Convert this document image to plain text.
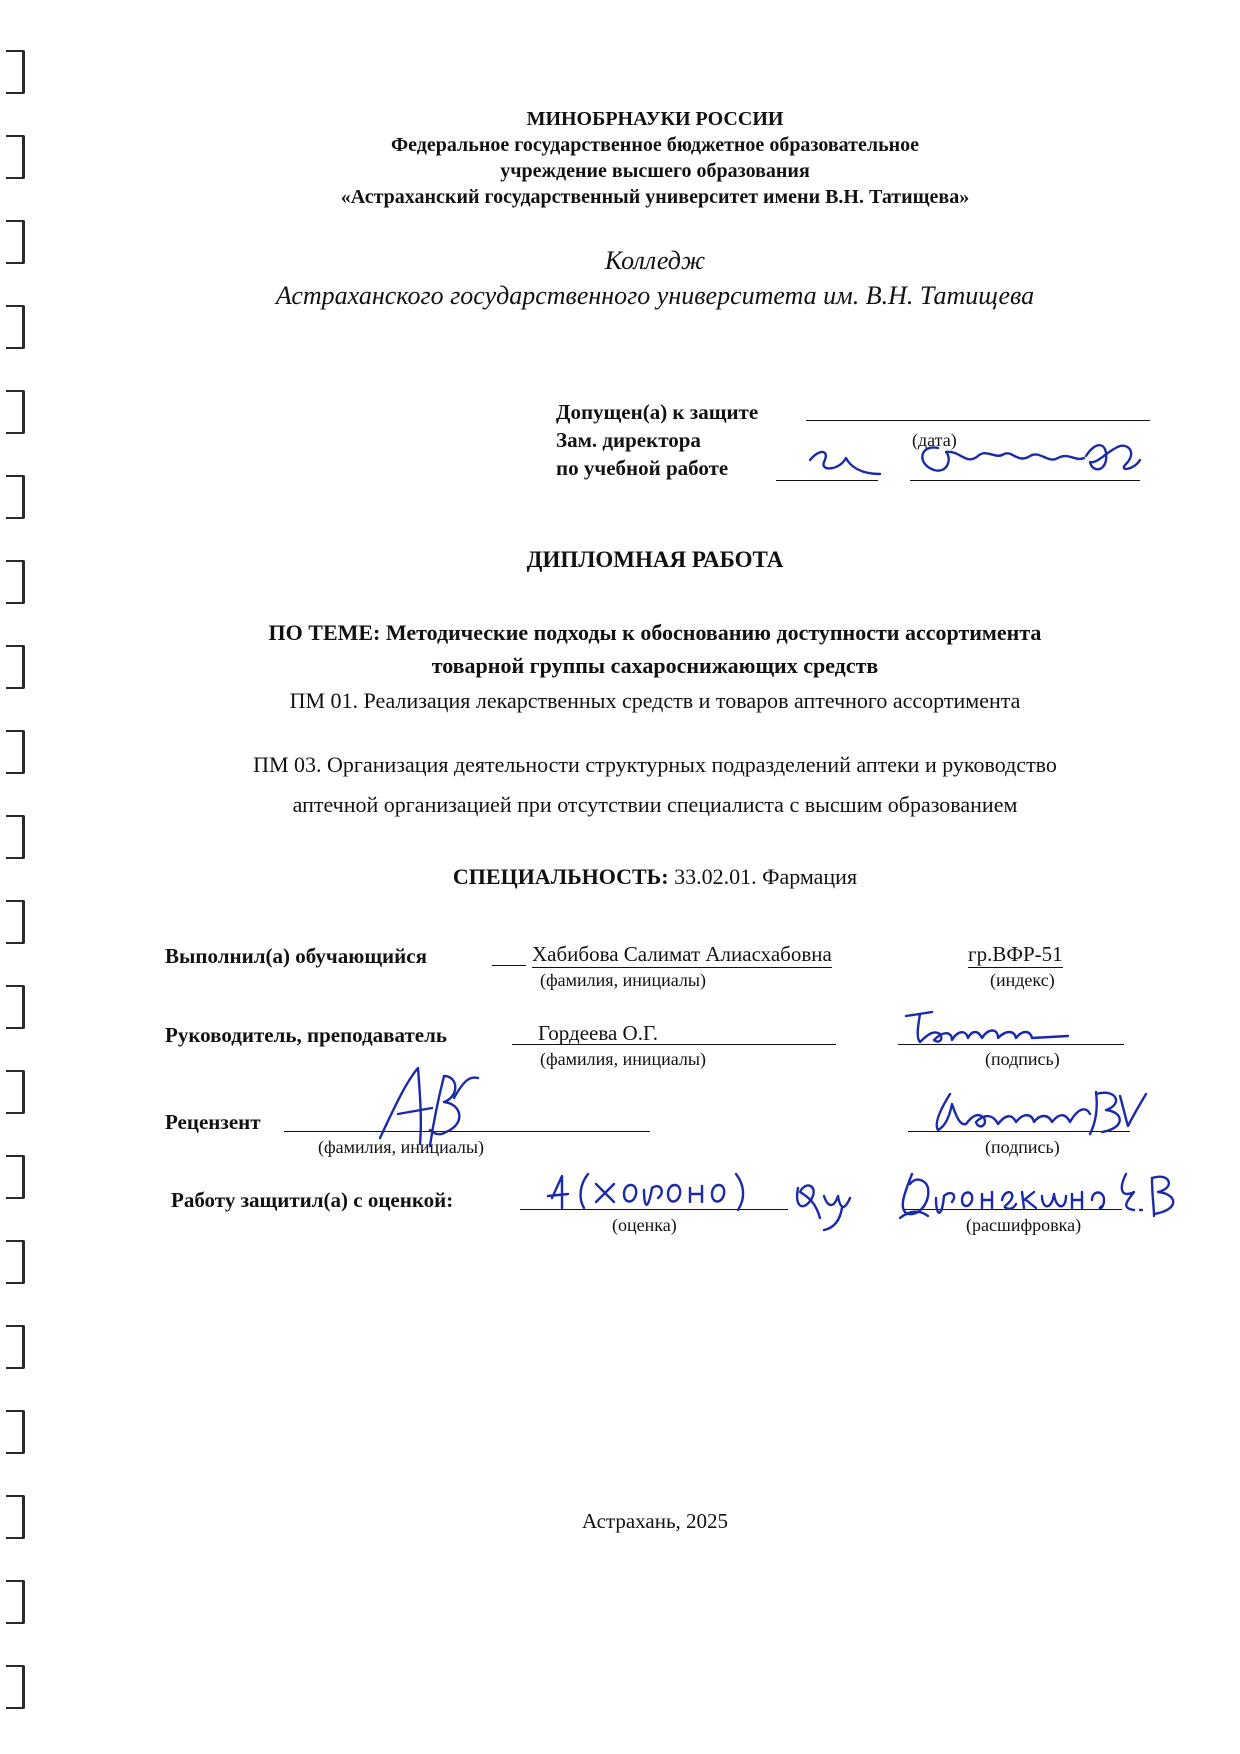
МИНОБРНАУКИ РОССИИ
Федеральное государственное бюджетное образовательное
учреждение высшего образования
«Астраханский государственный университет имени В.Н. Татищева»
Колледж
Астраханского государственного университета им. В.Н. Татищева
Допущен(а) к защите
Зам. директора	(дата)
по учебной работе
ДИПЛОМНАЯ РАБОТА
ПО ТЕМЕ: Методические подходы к обоснованию доступности ассортимента
товарной группы сахароснижающих средств
ПМ 01. Реализация лекарственных средств и товаров аптечного ассортимента
ПМ 03. Организация деятельности структурных подразделений аптеки и руководство
аптечной организацией при отсутствии специалиста с высшим образованием
СПЕЦИАЛЬНОСТЬ: 33.02.01. Фармация
Выполнил(а) обучающийся	Хабибова Салимат Алиасхабовна	гр.ВФР-51
(фамилия, инициалы)	(индекс)
Руководитель, преподаватель	Гордеева О.Г.
(фамилия, инициалы)	(подпись)
Рецензент
(фамилия, инициалы)	(подпись)
Работу защитил(а) с оценкой:
(оценка)	(расшифровка)
Астрахань, 2025
